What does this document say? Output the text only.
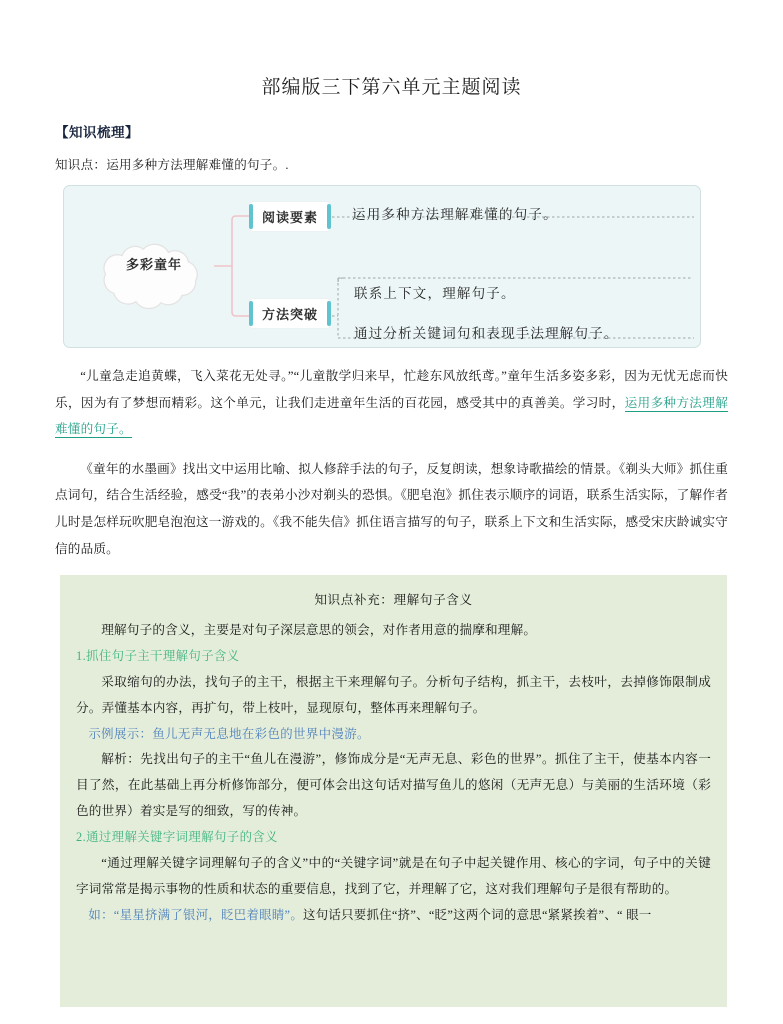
部编版三下第六单元主题阅读
【知识梳理】
知识点：运用多种方法理解难懂的句子。.
多彩童年
阅读要素
方法突破
运用多种方法理解难懂的句子。
联系上下文，理解句子。
通过分析关键词句和表现手法理解句子。

“儿童急走追黄蝶，飞入菜花无处寻。”“儿童散学归来早，忙趁东风放纸鸢。”童年生活多姿多彩，因为无忧无虑而快乐，因为有了梦想而精彩。这个单元，让我们走进童年生活的百花园，感受其中的真善美。学习时，运用多种方法理解难懂的句子。

《童年的水墨画》找出文中运用比喻、拟人修辞手法的句子，反复朗读，想象诗歌描绘的情景。《剃头大师》抓住重点词句，结合生活经验，感受“我”的表弟小沙对剃头的恐惧。《肥皂泡》抓住表示顺序的词语，联系生活实际，了解作者儿时是怎样玩吹肥皂泡泡这一游戏的。《我不能失信》抓住语言描写的句子，联系上下文和生活实际，感受宋庆龄诚实守信的品质。

知识点补充：理解句子含义
理解句子的含义，主要是对句子深层意思的领会，对作者用意的揣摩和理解。
1.抓住句子主干理解句子含义
采取缩句的办法，找句子的主干，根据主干来理解句子。分析句子结构，抓主干，去枝叶，去掉修饰限制成分。弄懂基本内容，再扩句，带上枝叶，显现原句，整体再来理解句子。
示例展示：鱼儿无声无息地在彩色的世界中漫游。
解析：先找出句子的主干“鱼儿在漫游”，修饰成分是“无声无息、彩色的世界”。抓住了主干，使基本内容一目了然，在此基础上再分析修饰部分，便可体会出这句话对描写鱼儿的悠闲（无声无息）与美丽的生活环境（彩色的世界）着实是写的细致，写的传神。
2.通过理解关键字词理解句子的含义
“通过理解关键字词理解句子的含义”中的“关键字词”就是在句子中起关键作用、核心的字词，句子中的关键字词常常是揭示事物的性质和状态的重要信息，找到了它，并理解了它，这对我们理解句子是很有帮助的。
如：“星星挤满了银河，眨巴着眼睛”。这句话只要抓住“挤”、“眨”这两个词的意思“紧紧挨着”、“ 眼一
